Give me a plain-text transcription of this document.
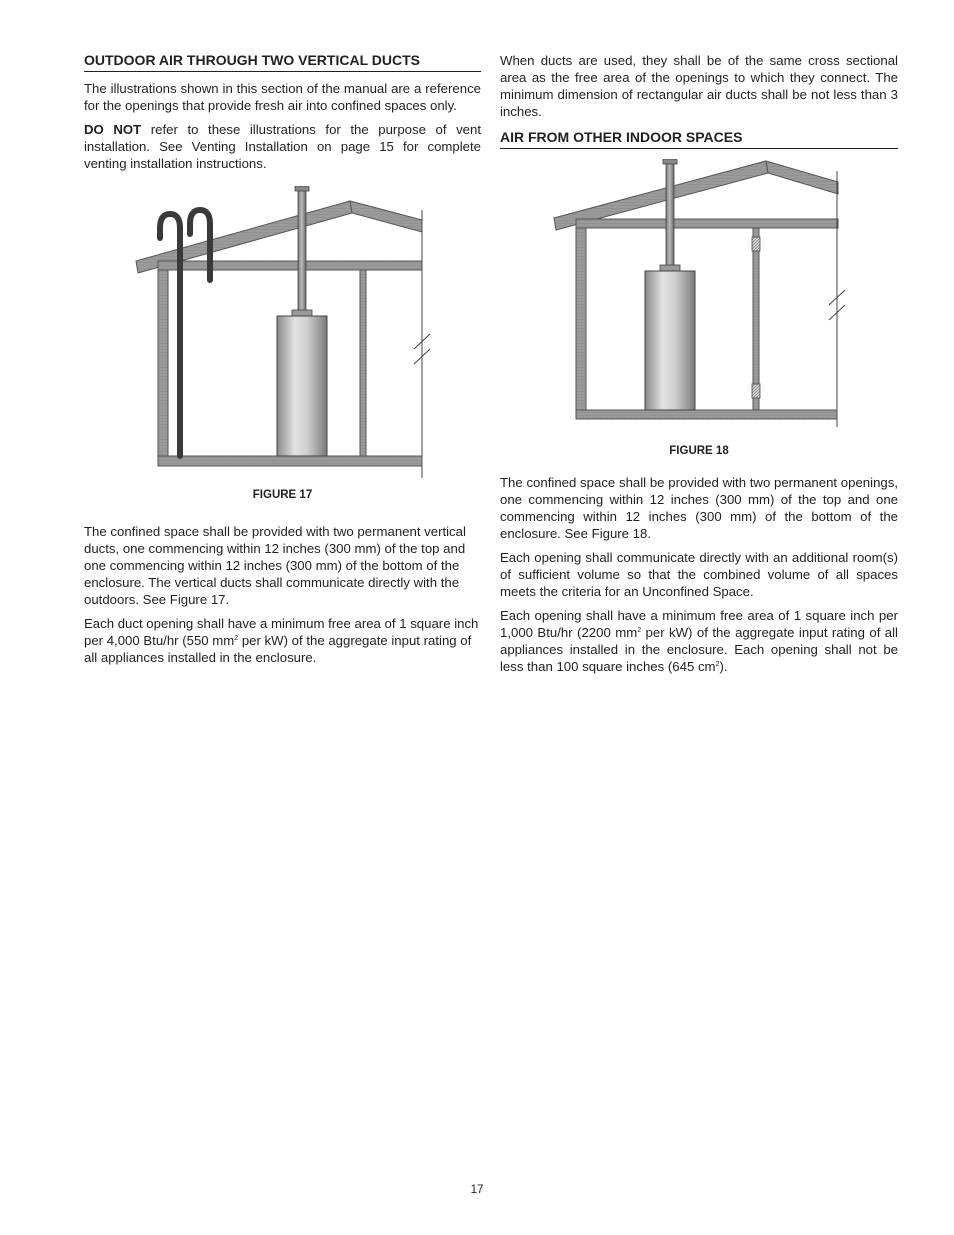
OUTDOOR AIR THROUGH TWO VERTICAL DUCTS

The illustrations shown in this section of the manual are a reference for the openings that provide fresh air into confined spaces only.

DO NOT refer to these illustrations for the purpose of vent installation. See Venting Installation on page 15 for complete venting installation instructions.

FIGURE 17

The confined space shall be provided with two permanent vertical ducts, one commencing within 12 inches (300 mm) of the top and one commencing within 12 inches (300 mm) of the bottom of the enclosure. The vertical ducts shall communicate directly with the outdoors. See Figure 17.

Each duct opening shall have a minimum free area of 1 square inch per 4,000 Btu/hr (550 $mm^2$ per kW) of the aggregate input rating of all appliances installed in the enclosure.

When ducts are used, they shall be of the same cross sectional area as the free area of the openings to which they connect. The minimum dimension of rectangular air ducts shall be not less than 3 inches.

AIR FROM OTHER INDOOR SPACES

FIGURE 18

The confined space shall be provided with two permanent openings, one commencing within 12 inches (300 mm) of the top and one commencing within 12 inches (300 mm) of the bottom of the enclosure. See Figure 18.

Each opening shall communicate directly with an additional room(s) of sufficient volume so that the combined volume of all spaces meets the criteria for an Unconfined Space.

Each opening shall have a minimum free area of 1 square inch per 1,000 Btu/hr (2200 $mm^2$ per kW) of the aggregate input rating of all appliances installed in the enclosure. Each opening shall not be less than 100 square inches (645 $cm^2$).

17
